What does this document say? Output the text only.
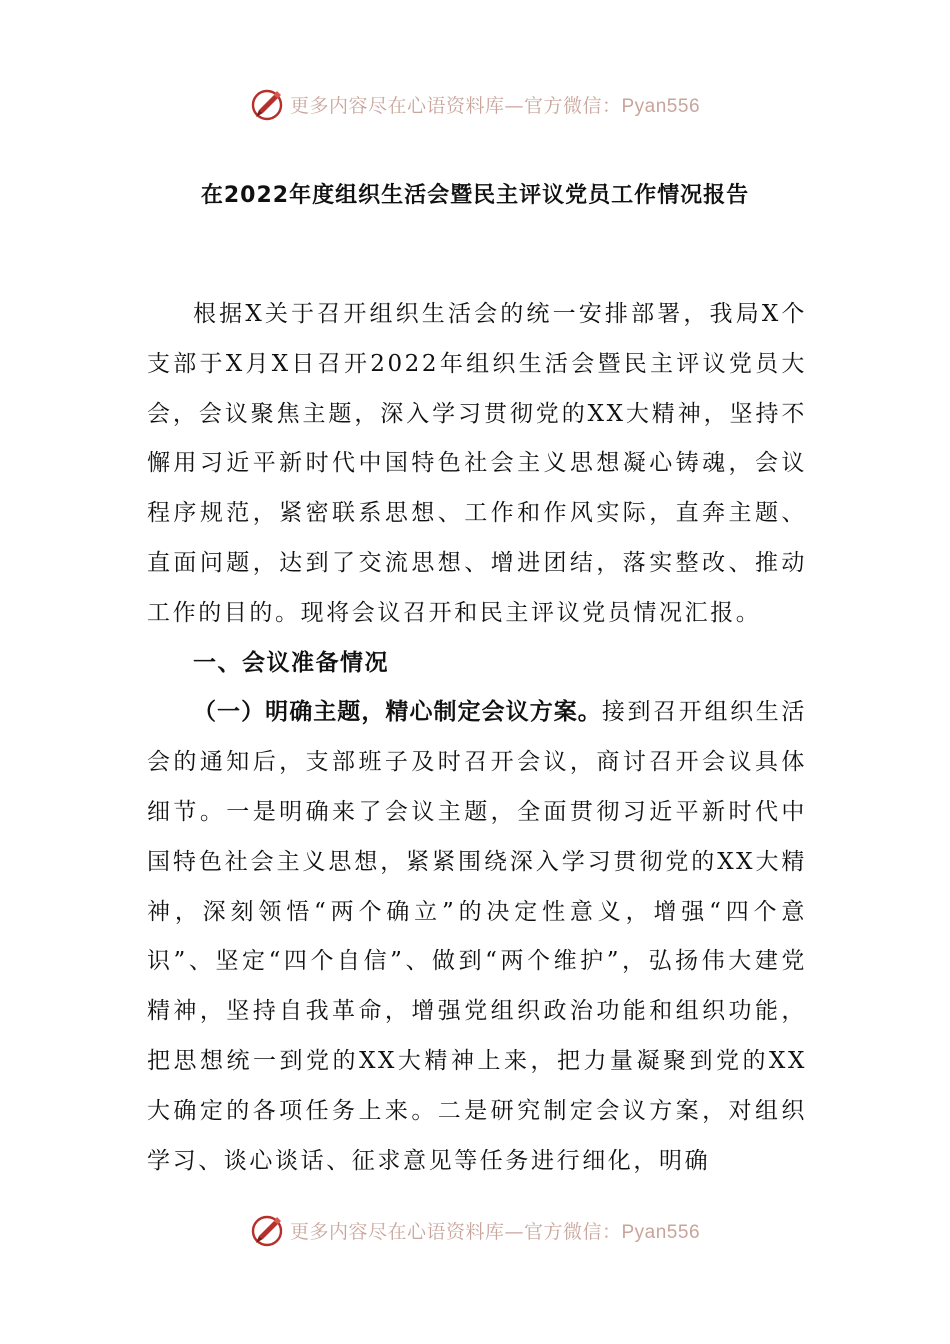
更多内容尽在心语资料库—官方微信：Pyan556
在2022年度组织生活会暨民主评议党员工作情况报告

根据X关于召开组织生活会的统一安排部署，我局X个支部于X月X日召开2022年组织生活会暨民主评议党员大会，会议聚焦主题，深入学习贯彻党的XX大精神，坚持不懈用习近平新时代中国特色社会主义思想凝心铸魂，会议程序规范，紧密联系思想、工作和作风实际，直奔主题、直面问题，达到了交流思想、增进团结，落实整改、推动工作的目的。现将会议召开和民主评议党员情况汇报。

一、会议准备情况

（一）明确主题，精心制定会议方案。接到召开组织生活会的通知后，支部班子及时召开会议，商讨召开会议具体细节。一是明确来了会议主题，全面贯彻习近平新时代中国特色社会主义思想，紧紧围绕深入学习贯彻党的XX大精神，深刻领悟“两个确立”的决定性意义，增强“四个意识”、坚定“四个自信”、做到“两个维护”，弘扬伟大建党精神，坚持自我革命，增强党组织政治功能和组织功能，把思想统一到党的XX大精神上来，把力量凝聚到党的XX大确定的各项任务上来。二是研究制定会议方案，对组织学习、谈心谈话、征求意见等任务进行细化，明确

更多内容尽在心语资料库—官方微信：Pyan556
